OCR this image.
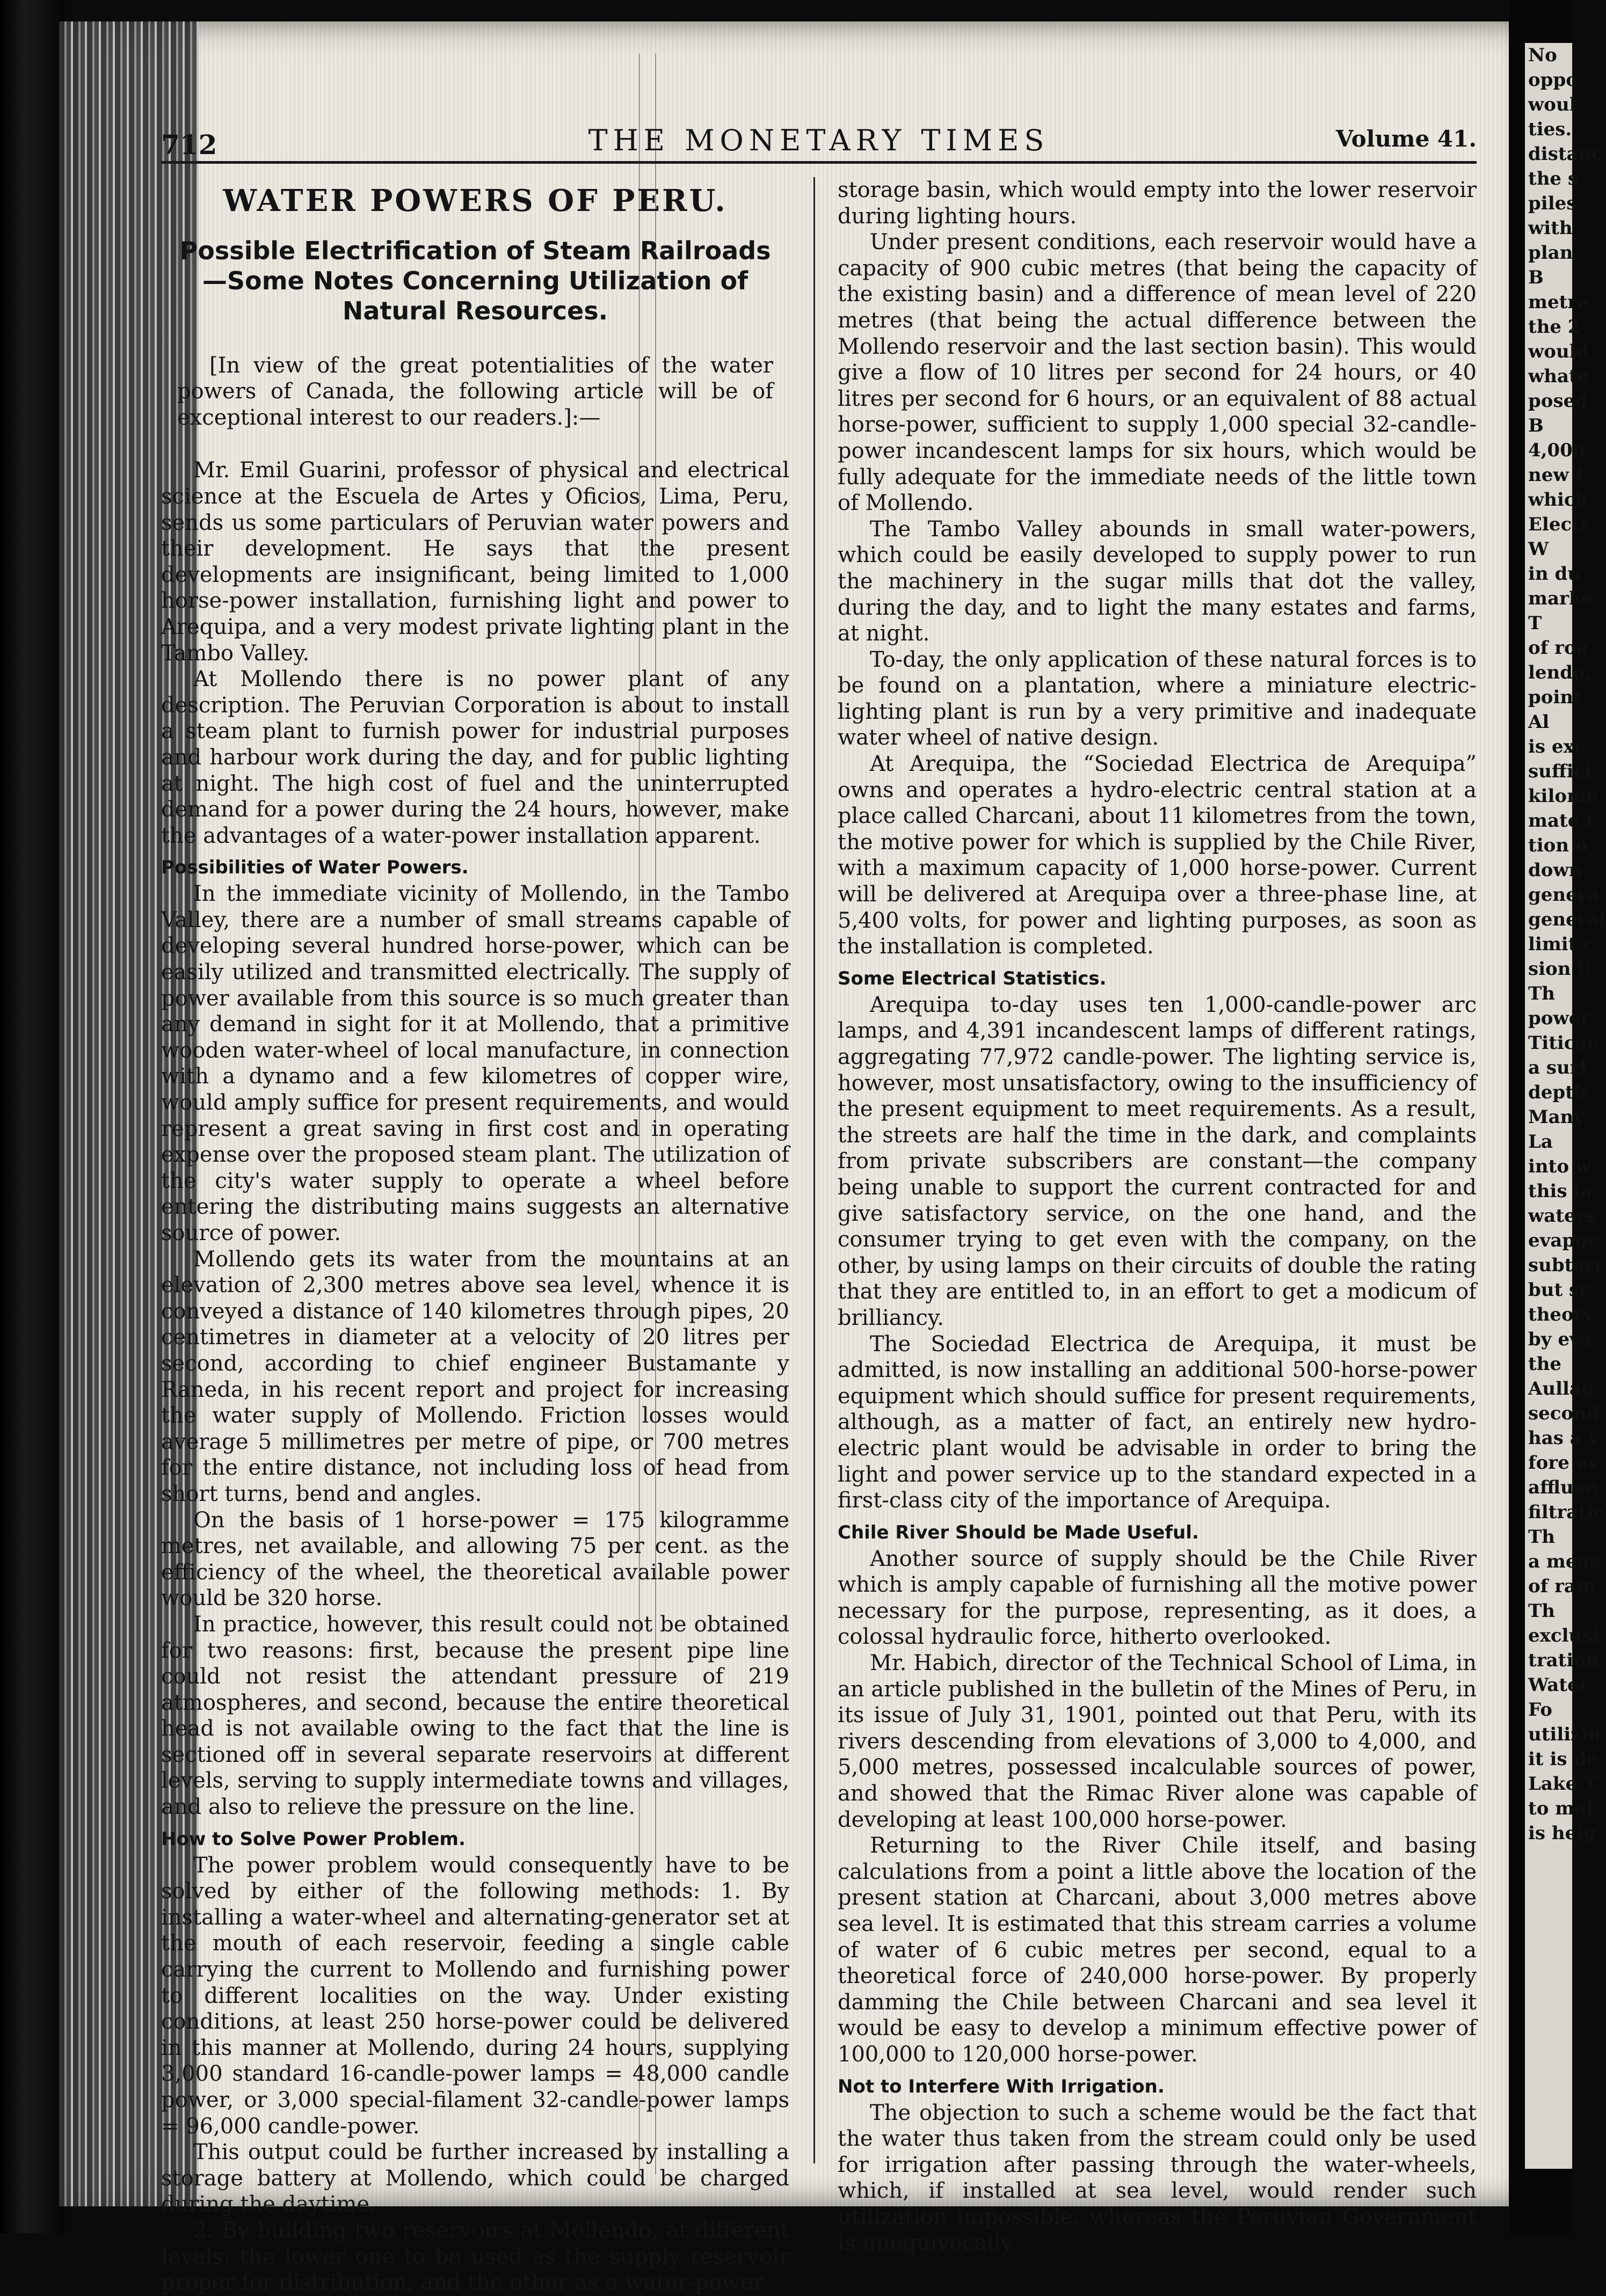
No
oppo
woul
ties.
distanc
the s
piles
with
plan
B
metre
the 2
would
whate
posed
B
4,000
new f
which
Electr
W
in du
marke
T
of roa
lendo,
point
Al
is exc
suffici
kilome
mate t
tion o
down
genera
general
limit c
sion li
Th
power
Titicac
a surf
depth
Many
La
into w
this la
waters
evapor
subterr
but sc
theory
by eva
the
Aullag
second
has a v
fore ev
affluen
filtratic
Th
a meas
of rain
Th
exclusi
tration
Water
Fo
utilizin
it is de
Lake T
to mal
is heig
712	THE MONETARY TIMES	Volume 41.
WATER POWERS OF PERU.
Possible Electrification of Steam Railroads—Some Notes Concerning Utilization of Natural Resources.

[In view of the great potentialities of the water powers of Canada, the following article will be of exceptional interest to our readers.]:—

Mr. Emil Guarini, professor of physical and electrical science at the Escuela de Artes y Oficios, Lima, Peru, sends us some particulars of Peruvian water powers and their development. He says that the present developments are insignificant, being limited to 1,000 horse-power installation, furnishing light and power to Arequipa, and a very modest private lighting plant in the Tambo Valley.

At Mollendo there is no power plant of any description. The Peruvian Corporation is about to install a steam plant to furnish power for industrial purposes and harbour work during the day, and for public lighting at night. The high cost of fuel and the uninterrupted demand for a power during the 24 hours, however, make the advantages of a water-power installation apparent.

Possibilities of Water Powers.

In the immediate vicinity of Mollendo, in the Tambo Valley, there are a number of small streams capable of developing several hundred horse-power, which can be easily utilized and transmitted electrically. The supply of power available from this source is so much greater than any demand in sight for it at Mollendo, that a primitive wooden water-wheel of local manufacture, in connection with a dynamo and a few kilometres of copper wire, would amply suffice for present requirements, and would represent a great saving in first cost and in operating expense over the proposed steam plant. The utilization of the city's water supply to operate a wheel before entering the distributing mains suggests an alternative source of power.

Mollendo gets its water from the mountains at an elevation of 2,300 metres above sea level, whence it is conveyed a distance of 140 kilometres through pipes, 20 centimetres in diameter at a velocity of 20 litres per second, according to chief engineer Bustamante y Raneda, in his recent report and project for increasing the water supply of Mollendo. Friction losses would average 5 millimetres per metre of pipe, or 700 metres for the entire distance, not including loss of head from short turns, bend and angles.

On the basis of 1 horse-power = 175 kilogramme metres, net available, and allowing 75 per cent. as the efficiency of the wheel, the theoretical available power would be 320 horse.

In practice, however, this result could not be obtained for two reasons: first, because the present pipe line could not resist the attendant pressure of 219 atmospheres, and second, because the entire theoretical head is not available owing to the fact that the line is sectioned off in several separate reservoirs at different levels, serving to supply intermediate towns and villages, and also to relieve the pressure on the line.

How to Solve Power Problem.

The power problem would consequently have to be solved by either of the following methods: 1. By installing a water-wheel and alternating-generator set at the mouth of each reservoir, feeding a single cable carrying the current to Mollendo and furnishing power to different localities on the way. Under existing conditions, at least 250 horse-power could be delivered in this manner at Mollendo, during 24 hours, supplying 3,000 standard 16-candle-power lamps = 48,000 candle power, or 3,000 special-filament 32-candle-power lamps = 96,000 candle-power.

This output could be further increased by installing a storage battery at Mollendo, which could be charged during the daytime.

2. By building two reservoirs at Mollendo, at different levels; the lower one to be used as the supply reservoir proper for distribution, and the other as a water-power

storage basin, which would empty into the lower reservoir during lighting hours.

Under present conditions, each reservoir would have a capacity of 900 cubic metres (that being the capacity of the existing basin) and a difference of mean level of 220 metres (that being the actual difference between the Mollendo reservoir and the last section basin). This would give a flow of 10 litres per second for 24 hours, or 40 litres per second for 6 hours, or an equivalent of 88 actual horse-power, sufficient to supply 1,000 special 32-candle-power incandescent lamps for six hours, which would be fully adequate for the immediate needs of the little town of Mollendo.

The Tambo Valley abounds in small water-powers, which could be easily developed to supply power to run the machinery in the sugar mills that dot the valley, during the day, and to light the many estates and farms, at night.

To-day, the only application of these natural forces is to be found on a plantation, where a miniature electric-lighting plant is run by a very primitive and inadequate water wheel of native design.

At Arequipa, the “Sociedad Electrica de Arequipa” owns and operates a hydro-electric central station at a place called Charcani, about 11 kilometres from the town, the motive power for which is supplied by the Chile River, with a maximum capacity of 1,000 horse-power. Current will be delivered at Arequipa over a three-phase line, at 5,400 volts, for power and lighting purposes, as soon as the installation is completed.

Some Electrical Statistics.

Arequipa to-day uses ten 1,000-candle-power arc lamps, and 4,391 incandescent lamps of different ratings, aggregating 77,972 candle-power. The lighting service is, however, most unsatisfactory, owing to the insufficiency of the present equipment to meet requirements. As a result, the streets are half the time in the dark, and complaints from private subscribers are constant—the company being unable to support the current contracted for and give satisfactory service, on the one hand, and the consumer trying to get even with the company, on the other, by using lamps on their circuits of double the rating that they are entitled to, in an effort to get a modicum of brilliancy.

The Sociedad Electrica de Arequipa, it must be admitted, is now installing an additional 500-horse-power equipment which should suffice for present requirements, although, as a matter of fact, an entirely new hydro-electric plant would be advisable in order to bring the light and power service up to the standard expected in a first-class city of the importance of Arequipa.

Chile River Should be Made Useful.

Another source of supply should be the Chile River which is amply capable of furnishing all the motive power necessary for the purpose, representing, as it does, a colossal hydraulic force, hitherto overlooked.

Mr. Habich, director of the Technical School of Lima, in an article published in the bulletin of the Mines of Peru, in its issue of July 31, 1901, pointed out that Peru, with its rivers descending from elevations of 3,000 to 4,000, and 5,000 metres, possessed incalculable sources of power, and showed that the Rimac River alone was capable of developing at least 100,000 horse-power.

Returning to the River Chile itself, and basing calculations from a point a little above the location of the present station at Charcani, about 3,000 metres above sea level. It is estimated that this stream carries a volume of water of 6 cubic metres per second, equal to a theoretical force of 240,000 horse-power. By properly damming the Chile between Charcani and sea level it would be easy to develop a minimum effective power of 100,000 to 120,000 horse-power.

Not to Interfere With Irrigation.

The objection to such a scheme would be the fact that the water thus taken from the stream could only be used for irrigation after passing through the water-wheels, which, if installed at sea level, would render such utilization impossible, whereas the Peruvian Government is unequivocally
